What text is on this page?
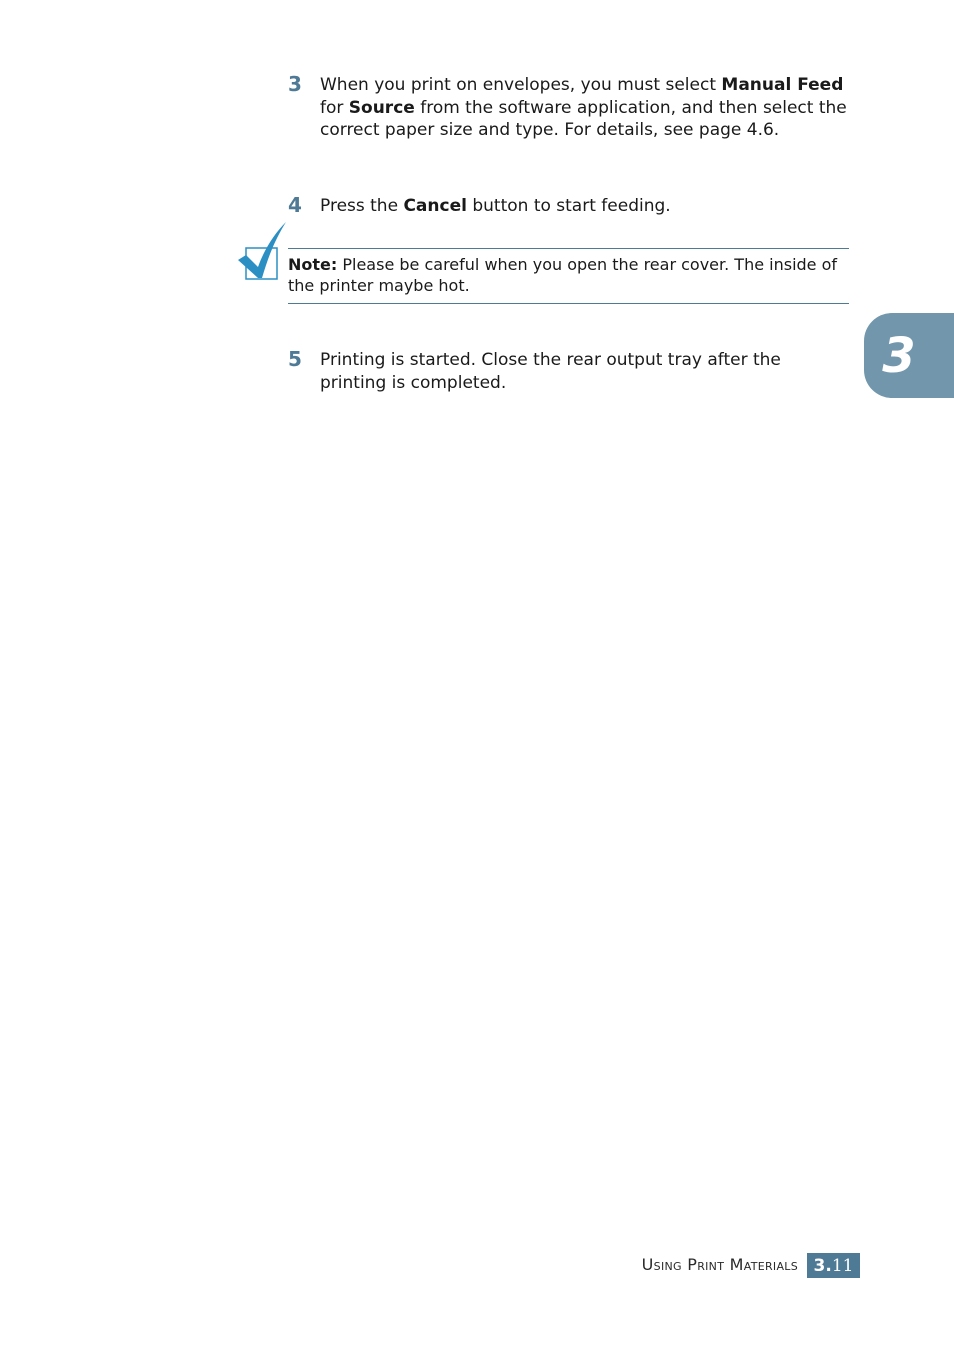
3	When you print on envelopes, you must select Manual Feed for Source from the software application, and then select the correct paper size and type. For details, see page 4.6.
4	Press the Cancel button to start feeding.
Note: Please be careful when you open the rear cover. The inside of the printer maybe hot.
5	Printing is started. Close the rear output tray after the printing is completed.	3
Using Print Materials 3. 11
